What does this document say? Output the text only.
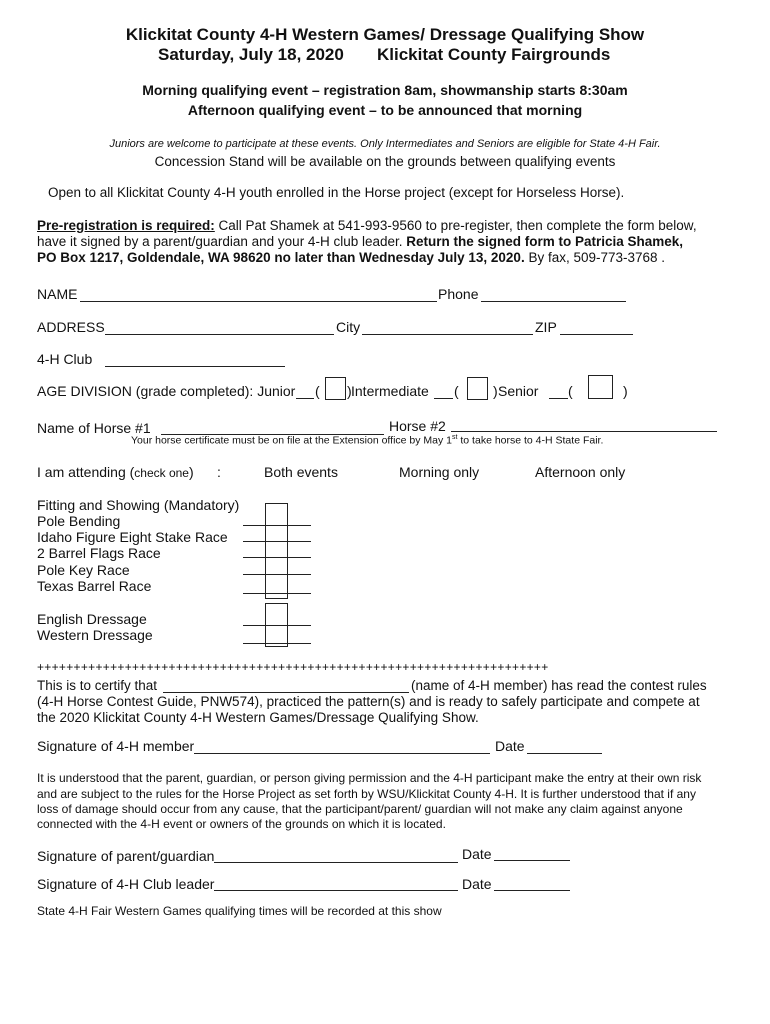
Klickitat County 4-H Western Games/ Dressage Qualifying Show
Saturday, July 18, 2020 Klickitat County Fairgrounds
Morning qualifying event – registration 8am, showmanship starts 8:30am
Afternoon qualifying event – to be announced that morning
Juniors are welcome to participate at these events. Only Intermediates and Seniors are eligible for State 4-H Fair.
Concession Stand will be available on the grounds between qualifying events
Open to all Klickitat County 4-H youth enrolled in the Horse project (except for Horseless Horse).
Pre-registration is required: Call Pat Shamek at 541-993-9560 to pre-register, then complete the form below,
have it signed by a parent/guardian and your 4-H club leader. Return the signed form to Patricia Shamek,
PO Box 1217, Goldendale, WA 98620 no later than Wednesday July 13, 2020. By fax, 509-773-3768 .
NAME	Phone
ADDRESS	City	ZIP
4-H Club
AGE DIVISION (grade completed): Junior ( ) Intermediate ( ) Senior (	)
Name of Horse #1	Horse #2
Your horse certificate must be on file at the Extension office by May 1st to take horse to 4-H State Fair.
I am attending (check one) :	Both events	Morning only	Afternoon only
Fitting and Showing (Mandatory)
Pole Bending
Idaho Figure Eight Stake Race
2 Barrel Flags Race
Pole Key Race
Texas Barrel Race
English Dressage
Western Dressage
++++++++++++++++++++++++++++++++++++++++++++++++++++++++++++++++++++++
This is to certify that	(name of 4-H member) has read the contest rules
(4-H Horse Contest Guide, PNW574), practiced the pattern(s) and is ready to safely participate and compete at
the 2020 Klickitat County 4-H Western Games/Dressage Qualifying Show.
Signature of 4-H member	Date
It is understood that the parent, guardian, or person giving permission and the 4-H participant make the entry at their own risk
and are subject to the rules for the Horse Project as set forth by WSU/Klickitat County 4-H. It is further understood that if any
loss of damage should occur from any cause, that the participant/parent/ guardian will not make any claim against anyone
connected with the 4-H event or owners of the grounds on which it is located.
Signature of parent/guardian	Date
Signature of 4-H Club leader	Date
State 4-H Fair Western Games qualifying times will be recorded at this show
